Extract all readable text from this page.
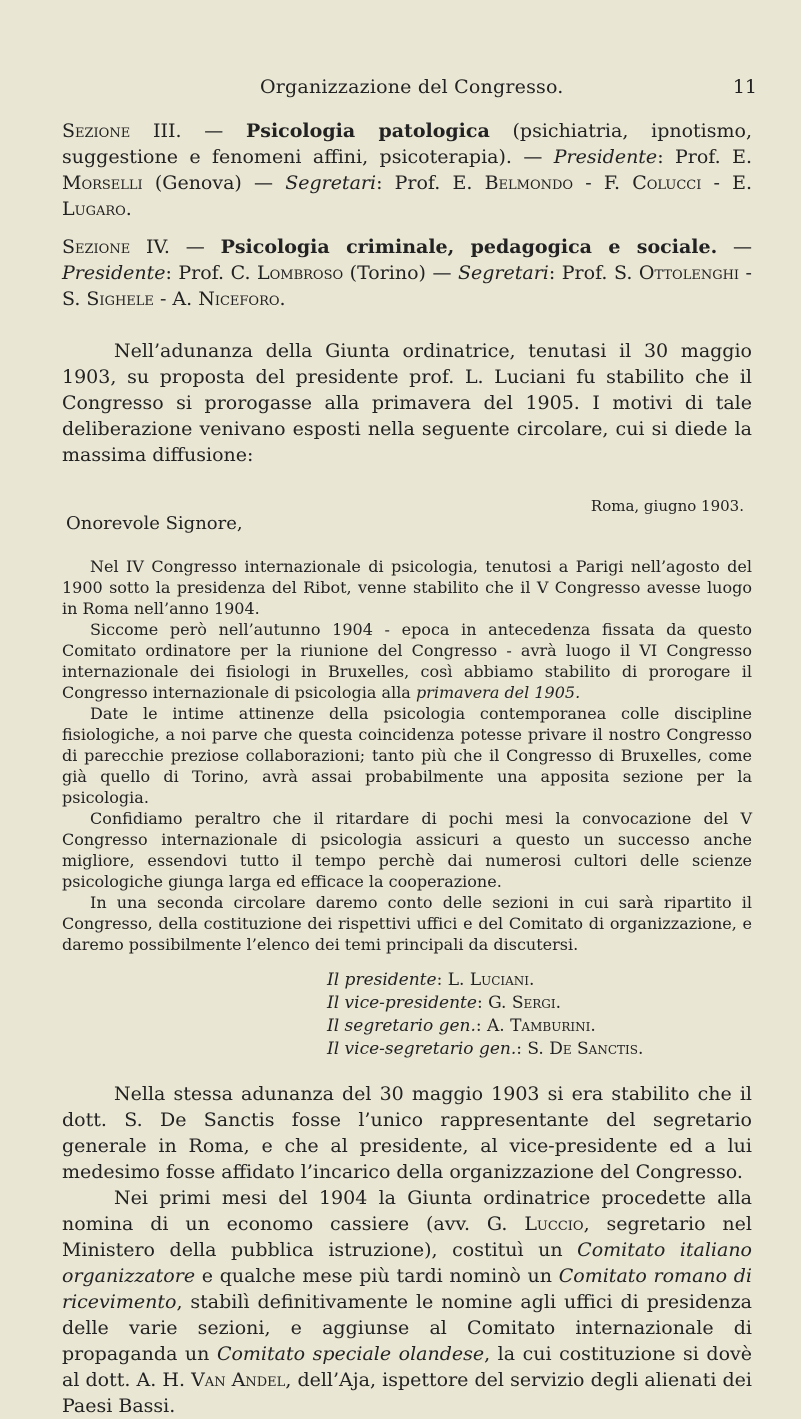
Organizzazione del Congresso.	11

Sezione III. — Psicologia patologica (psichiatria, ipnotismo, suggestione e fenomeni affini, psicoterapia). — Presidente: Prof. E. Morselli (Genova) — Segretari: Prof. E. Belmondo - F. Colucci - E. Lugaro.

Sezione IV. — Psicologia criminale, pedagogica e sociale. — Presidente: Prof. C. Lombroso (Torino) — Segretari: Prof. S. Ottolenghi - S. Sighele - A. Niceforo.

Nell’adunanza della Giunta ordinatrice, tenutasi il 30 maggio 1903, su proposta del presidente prof. L. Luciani fu stabilito che il Congresso si prorogasse alla primavera del 1905. I motivi di tale deliberazione venivano esposti nella seguente circolare, cui si diede la massima diffusione:

Roma, giugno 1903.

Onorevole Signore,

Nel IV Congresso internazionale di psicologia, tenutosi a Parigi nell’agosto del 1900 sotto la presidenza del Ribot, venne stabilito che il V Congresso avesse luogo in Roma nell’anno 1904.

Siccome però nell’autunno 1904 - epoca in antecedenza fissata da questo Comitato ordinatore per la riunione del Congresso - avrà luogo il VI Congresso internazionale dei fisiologi in Bruxelles, così abbiamo stabilito di prorogare il Congresso internazionale di psicologia alla primavera del 1905.

Date le intime attinenze della psicologia contemporanea colle discipline fisiologiche, a noi parve che questa coincidenza potesse privare il nostro Congresso di parecchie preziose collaborazioni; tanto più che il Congresso di Bruxelles, come già quello di Torino, avrà assai probabilmente una apposita sezione per la psicologia.

Confidiamo peraltro che il ritardare di pochi mesi la convocazione del V Congresso internazionale di psicologia assicuri a questo un successo anche migliore, essendovi tutto il tempo perchè dai numerosi cultori delle scienze psicologiche giunga larga ed efficace la cooperazione.

In una seconda circolare daremo conto delle sezioni in cui sarà ripartito il Congresso, della costituzione dei rispettivi uffici e del Comitato di organizzazione, e daremo possibilmente l’elenco dei temi principali da discutersi.

Il presidente: L. Luciani.

Il vice-presidente: G. Sergi.

Il segretario gen.: A. Tamburini.

Il vice-segretario gen.: S. De Sanctis.

Nella stessa adunanza del 30 maggio 1903 si era stabilito che il dott. S. De Sanctis fosse l’unico rappresentante del segretario generale in Roma, e che al presidente, al vice-presidente ed a lui medesimo fosse affidato l’incarico della organizzazione del Congresso.

Nei primi mesi del 1904 la Giunta ordinatrice procedette alla nomina di un economo cassiere (avv. G. Luccio, segretario nel Ministero della pubblica istruzione), costituì un Comitato italiano organizzatore e qualche mese più tardi nominò un Comitato romano di ricevimento, stabilì definitivamente le nomine agli uffici di presidenza delle varie sezioni, e aggiunse al Comitato internazionale di propaganda un Comitato speciale olandese, la cui costituzione si dovè al dott. A. H. Van Andel, dell’Aja, ispettore del servizio degli alienati dei Paesi Bassi.
